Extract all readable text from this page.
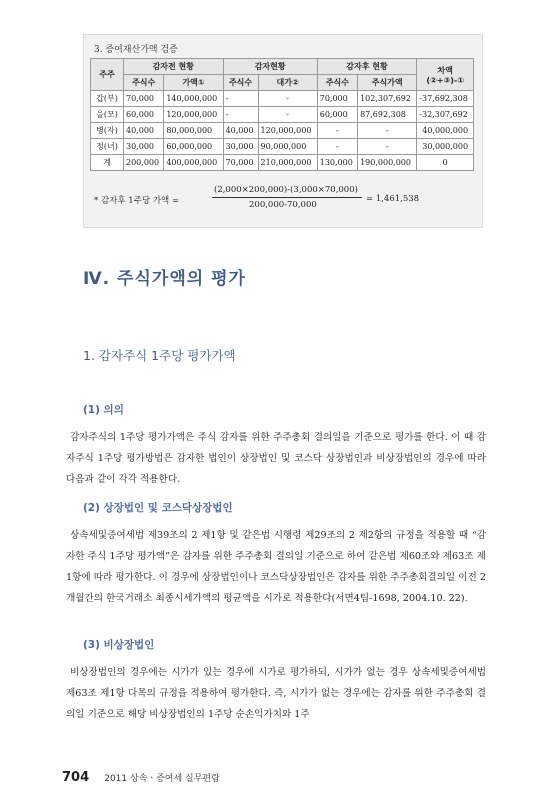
3. 증여재산가액 검증
주주	감자전 현황		감자현황		감자후 현황		차액
(②+③)-①

	주식수	가액①	주식수	대가②	주식수	주식가액	
갑(부)	70,000	140,000,000	-	-	70,000	102,307,692	-37,692,308
을(모)	60,000	120,000,000	-	-	60,000	87,692,308	-32,307,692
병(자)	40,000	80,000,000	40,000	120,000,000	-	-	40,000,000
정(녀)	30,000	60,000,000	30,000	90,000,000	-	-	30,000,000
계	200,000	400,000,000	70,000	210,000,000	130,000	190,000,000	0
* 감자후 1주당 가액 =
(2,000×200,000)-(3,000×70,000)
200,000-70,000
= 1,461,538
Ⅳ. 주식가액의 평가
1. 감자주식 1주당 평가가액
(1) 의의

감자주식의 1주당 평가가액은 주식 감자를 위한 주주총회 결의일을 기준으로 평가를 한다. 이 때 감자주식 1주당 평가방법은 감자한 법인이 상장법인 및 코스닥 상장법인과 비상장법인의 경우에 따라 다음과 같이 각각 적용한다.

(2) 상장법인 및 코스닥상장법인

상속세및증여세법 제39조의 2 제1항 및 같은법 시행령 제29조의 2 제2항의 규정을 적용할 때 “감자한 주식 1주당 평가액”은 감자를 위한 주주총회 결의일 기준으로 하여 같은법 제60조와 제63조 제1항에 따라 평가한다. 이 경우에 상장법인이나 코스닥상장법인은 감자를 위한 주주총회결의일 이전 2개월간의 한국거래소 최종시세가액의 평균액을 시가로 적용한다(서면4팀-1698, 2004.10. 22).

(3) 비상장법인

비상장법인의 경우에는 시가가 있는 경우에 시가로 평가하되, 시가가 없는 경우 상속세및증여세법 제63조 제1항 다목의 규정을 적용하여 평가한다. 즉, 시가가 없는 경우에는 감자를 위한 주주총회 결의일 기준으로 해당 비상장법인의 1주당 순손익가치와 1주

704 2011 상속ㆍ증여세 실무편람
